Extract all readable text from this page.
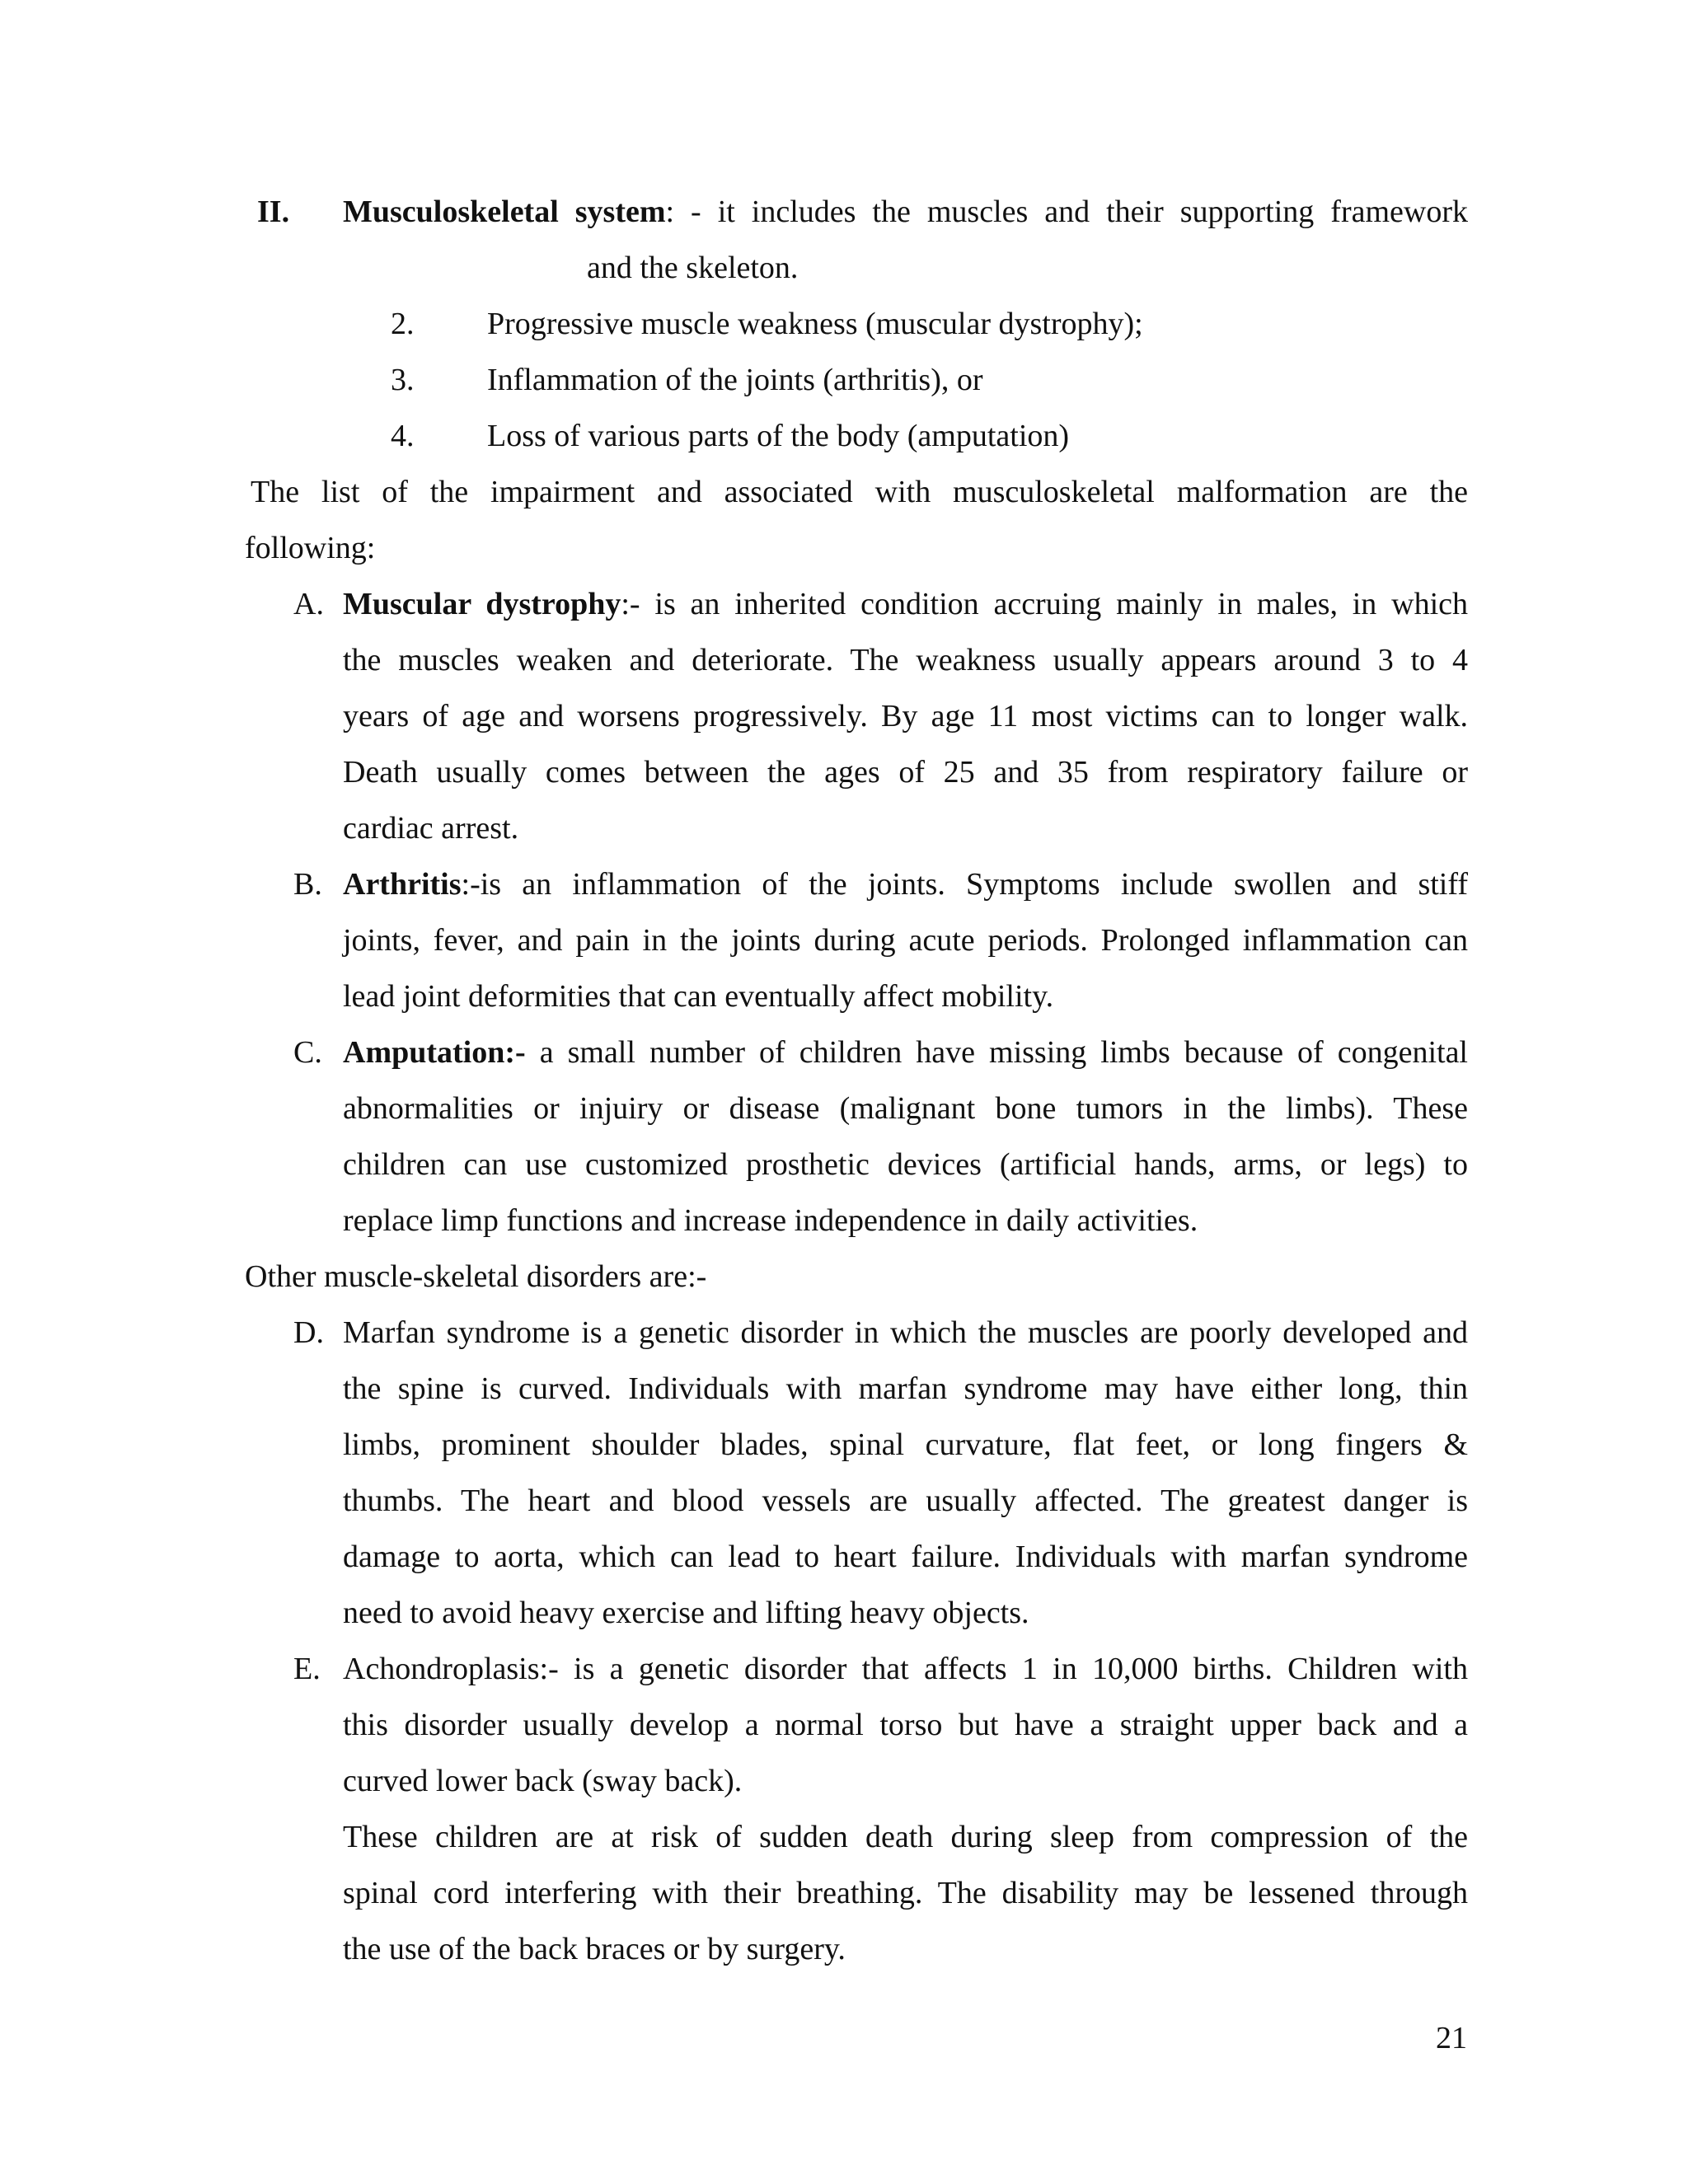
II. Musculoskeletal system: - it includes the muscles and their supporting framework
and the skeleton.
2. Progressive muscle weakness (muscular dystrophy);
3. Inflammation of the joints (arthritis), or
4. Loss of various parts of the body (amputation)
The list of the impairment and associated with musculoskeletal malformation are the
following:
A. Muscular dystrophy:- is an inherited condition accruing mainly in males, in which
the muscles weaken and deteriorate. The weakness usually appears around 3 to 4
years of age and worsens progressively. By age 11 most victims can to longer walk.
Death usually comes between the ages of 25 and 35 from respiratory failure or
cardiac arrest.
B. Arthritis:-is an inflammation of the joints. Symptoms include swollen and stiff
joints, fever, and pain in the joints during acute periods. Prolonged inflammation can
lead joint deformities that can eventually affect mobility.
C. Amputation:- a small number of children have missing limbs because of congenital
abnormalities or injuiry or disease (malignant bone tumors in the limbs). These
children can use customized prosthetic devices (artificial hands, arms, or legs) to
replace limp functions and increase independence in daily activities.
Other muscle-skeletal disorders are:-
D. Marfan syndrome is a genetic disorder in which the muscles are poorly developed and
the spine is curved. Individuals with marfan syndrome may have either long, thin
limbs, prominent shoulder blades, spinal curvature, flat feet, or long fingers &
thumbs. The heart and blood vessels are usually affected. The greatest danger is
damage to aorta, which can lead to heart failure. Individuals with marfan syndrome
need to avoid heavy exercise and lifting heavy objects.
E. Achondroplasis:- is a genetic disorder that affects 1 in 10,000 births. Children with
this disorder usually develop a normal torso but have a straight upper back and a
curved lower back (sway back).
These children are at risk of sudden death during sleep from compression of the
spinal cord interfering with their breathing. The disability may be lessened through
the use of the back braces or by surgery.
21
